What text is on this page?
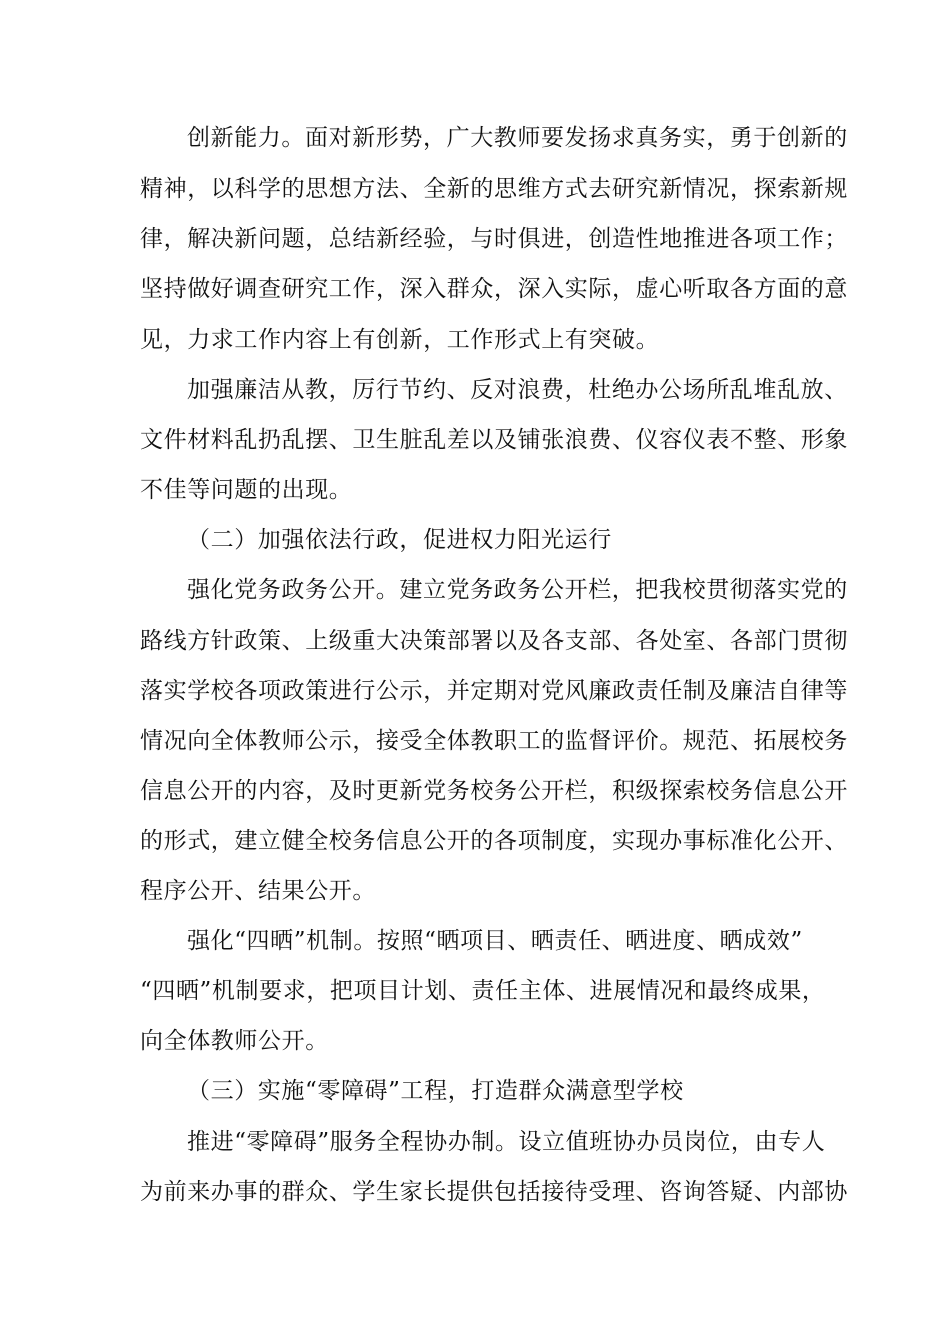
创新能力。面对新形势，广大教师要发扬求真务实，勇于创新的
精神，以科学的思想方法、全新的思维方式去研究新情况，探索新规
律，解决新问题，总结新经验，与时俱进，创造性地推进各项工作；
坚持做好调查研究工作，深入群众，深入实际，虚心听取各方面的意
见，力求工作内容上有创新，工作形式上有突破。
加强廉洁从教，厉行节约、反对浪费，杜绝办公场所乱堆乱放、
文件材料乱扔乱摆、卫生脏乱差以及铺张浪费、仪容仪表不整、形象
不佳等问题的出现。
（二）加强依法行政，促进权力阳光运行
强化党务政务公开。建立党务政务公开栏，把我校贯彻落实党的
路线方针政策、上级重大决策部署以及各支部、各处室、各部门贯彻
落实学校各项政策进行公示，并定期对党风廉政责任制及廉洁自律等
情况向全体教师公示，接受全体教职工的监督评价。规范、拓展校务
信息公开的内容，及时更新党务校务公开栏，积级探索校务信息公开
的形式，建立健全校务信息公开的各项制度，实现办事标准化公开、
程序公开、结果公开。
强化“四晒”机制。按照“晒项目、晒责任、晒进度、晒成效”
“四晒”机制要求，把项目计划、责任主体、进展情况和最终成果，
向全体教师公开。
（三）实施“零障碍”工程，打造群众满意型学校
推进“零障碍”服务全程协办制。设立值班协办员岗位，由专人
为前来办事的群众、学生家长提供包括接待受理、咨询答疑、内部协
